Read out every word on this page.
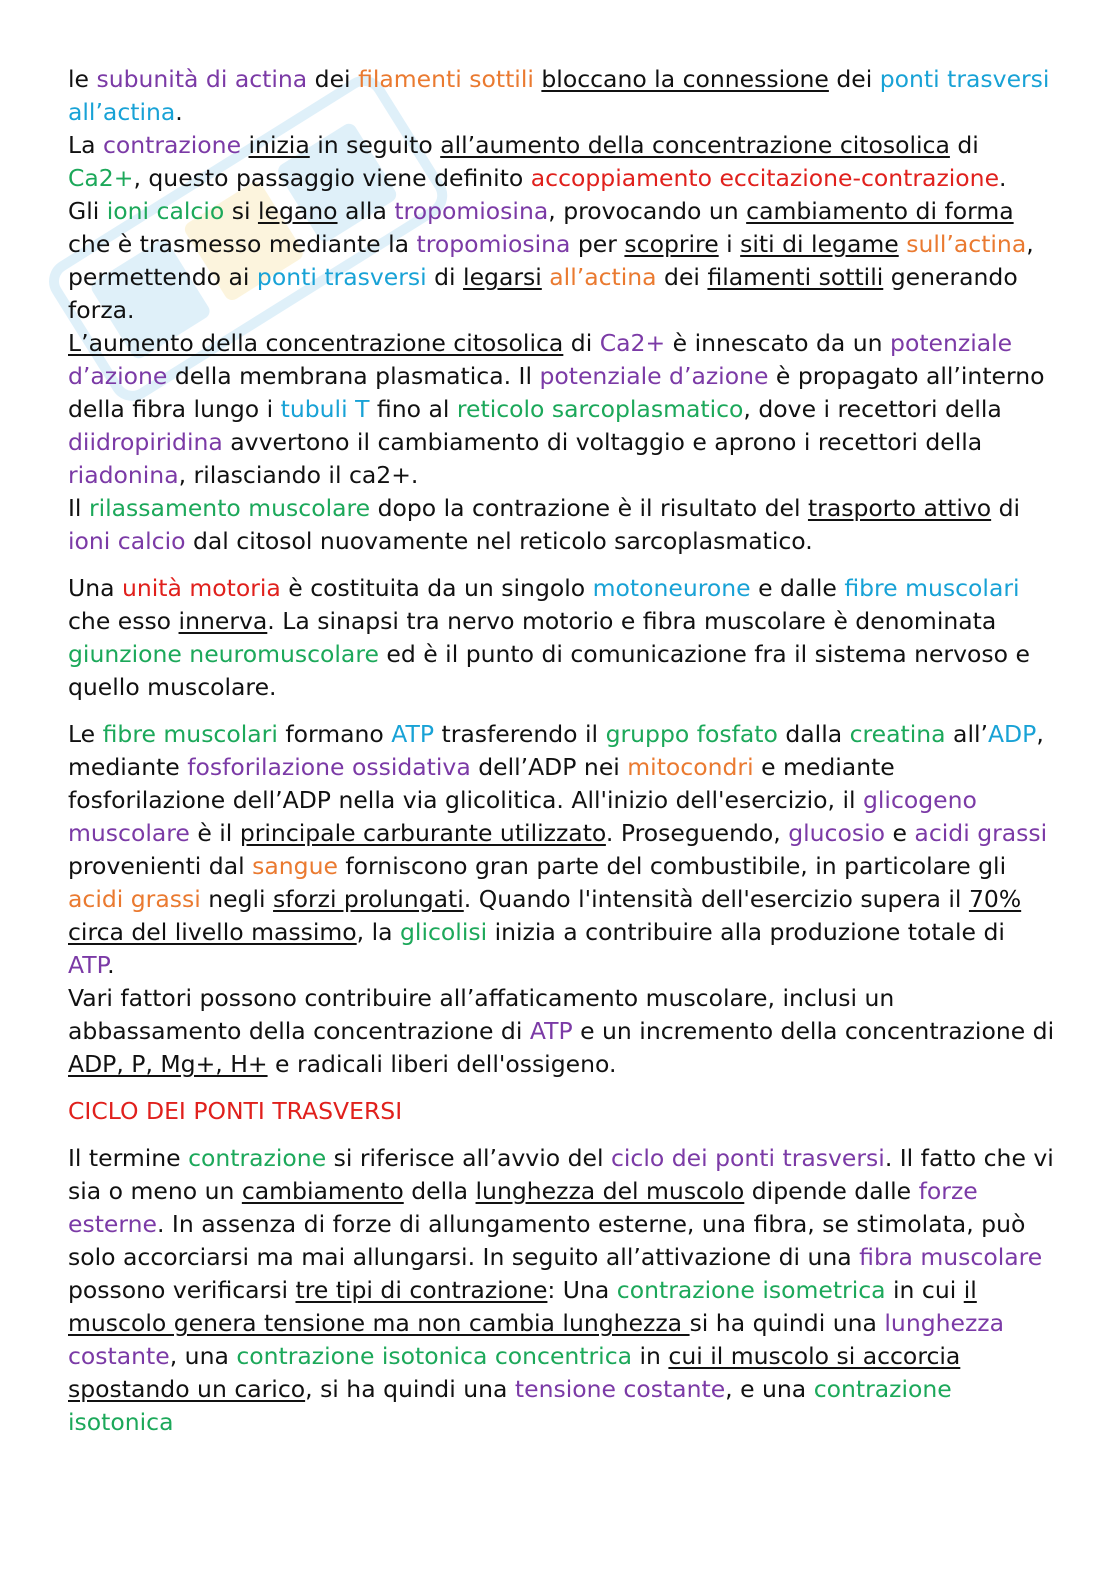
le subunità di actina dei filamenti sottili bloccano la connessione dei ponti trasversi all’actina.

La contrazione inizia in seguito all’aumento della concentrazione citosolica di Ca2+, questo passaggio viene definito accoppiamento eccitazione-contrazione.

Gli ioni calcio si legano alla tropomiosina, provocando un cambiamento di forma che è trasmesso mediante la tropomiosina per scoprire i siti di legame sull’actina, permettendo ai ponti trasversi di legarsi all’actina dei filamenti sottili generando forza.

L’aumento della concentrazione citosolica di Ca2+ è innescato da un potenziale d’azione della membrana plasmatica. Il potenziale d’azione è propagato all’interno della fibra lungo i tubuli T fino al reticolo sarcoplasmatico, dove i recettori della diidropiridina avvertono il cambiamento di voltaggio e aprono i recettori della riadonina, rilasciando il ca2+.

Il rilassamento muscolare dopo la contrazione è il risultato del trasporto attivo di ioni calcio dal citosol nuovamente nel reticolo sarcoplasmatico.

Una unità motoria è costituita da un singolo motoneurone e dalle fibre muscolari che esso innerva. La sinapsi tra nervo motorio e fibra muscolare è denominata giunzione neuromuscolare ed è il punto di comunicazione fra il sistema nervoso e quello muscolare.

Le fibre muscolari formano ATP trasferendo il gruppo fosfato dalla creatina all’ADP, mediante fosforilazione ossidativa dell’ADP nei mitocondri e mediante fosforilazione dell’ADP nella via glicolitica. All'inizio dell'esercizio, il glicogeno muscolare è il principale carburante utilizzato. Proseguendo, glucosio e acidi grassi provenienti dal sangue forniscono gran parte del combustibile, in particolare gli acidi grassi negli sforzi prolungati. Quando l'intensità dell'esercizio supera il 70% circa del livello massimo, la glicolisi inizia a contribuire alla produzione totale di ATP.

Vari fattori possono contribuire all’affaticamento muscolare, inclusi un abbassamento della concentrazione di ATP e un incremento della concentrazione di ADP, P, Mg+, H+ e radicali liberi dell'ossigeno.

CICLO DEI PONTI TRASVERSI

Il termine contrazione si riferisce all’avvio del ciclo dei ponti trasversi. Il fatto che vi sia o meno un cambiamento della lunghezza del muscolo dipende dalle forze esterne. In assenza di forze di allungamento esterne, una fibra, se stimolata, può solo accorciarsi ma mai allungarsi. In seguito all’attivazione di una fibra muscolare possono verificarsi tre tipi di contrazione: Una contrazione isometrica in cui il muscolo genera tensione ma non cambia lunghezza si ha quindi una lunghezza costante, una contrazione isotonica concentrica in cui il muscolo si accorcia spostando un carico, si ha quindi una tensione costante, e una contrazione isotonica
